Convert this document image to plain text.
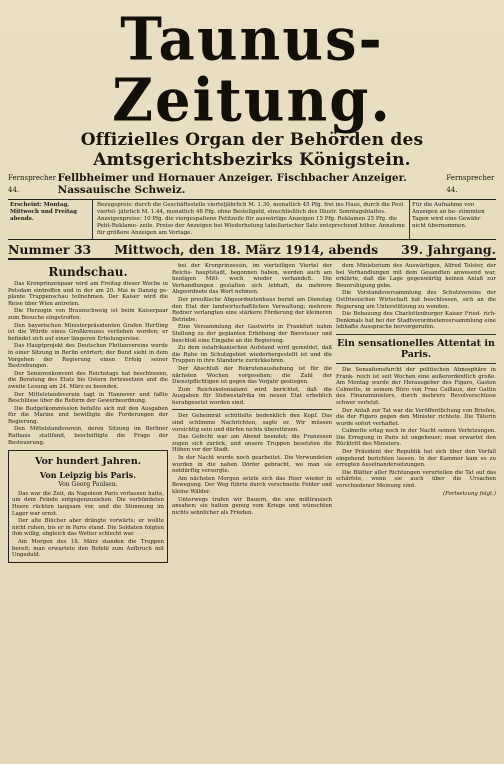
Taunus-Zeitung.
Offizielles Organ der Behörden des Amtsgerichtsbezirks Königstein.
Fernsprecher 44.
Fellbheimer und Hornauer Anzeiger. Fischbacher Anzeiger. Nassauische Schweiz.
Fernsprecher 44.
Erscheint: Montag, Mittwoch und Freitag abends.
Bezugspreis: durch die Geschäftsstelle vierteljährlich M. 1.30, monatlich 45 Pfg. frei ins Haus, durch die Post viertel- jährlich M. 1.44, monatlich 48 Pfg. ohne Bestellgeld, einschließlich des Illustr. Sonntagsblattes. Anzeigenpreise: 10 Pfg. die viergespaltene Petitzeile für auswärtige Anzeigen 15 Pfg. Reklamen 25 Pfg. die Petit-Reklame- zeile. Preise der Anzeigen bei Wiederholung tabellarischer Satz entsprechend höher. Annahme für größere Anzeigen am Vortage.
Für die Aufnahme von Anzeigen an be- stimmten Tagen wird eine Gewähr nicht übernommen.
Nummer 33 Mittwoch, den 18. März 1914, abends 39. Jahrgang.
Rundschau.

Das Kronprinzenpaar wird am Freitag dieser Woche in Potsdam eintreffen und in der am 20. Mai in Danzig ge- plante Truppenschau teilnehmen. Der Kaiser wird die Reise über Wien antreten.

Die Herzogin von Braunschweig ist beim Kaiserpaar zum Besuche eingetroffen.

Den bayerischen Ministerpräsidenten Grafen Hertling ist die Würde eines Großkreuzes verliehen worden; er befindet sich auf einer längeren Erholungsreise.

Das Hauptprojekt des Deutschen Flottenvereins wurde in einer Sitzung in Berlin erörtert; der Bund sieht in dem Vorgehen der Regierung einen Erfolg seiner Bestrebungen.

Der Seniorenkonvent des Reichstags hat beschlossen, die Beratung des Etats bis Ostern fortzusetzen und die zweite Lesung am 24. März zu beenden.

Der Mittelstandsverein tagt in Hannover und faßte Beschlüsse über die Reform der Gewerbeordnung.

Die Budgetkommission befaßte sich mit den Ausgaben für die Marine und bewilligte die Forderungen der Regierung.

Den Mittelstandsverein, deren Sitzung im Berliner Rathaus stattfand, beschäftigte die Frage der Besteuerung.

Vor hundert Jahren.
Von Leipzig bis Paris.
Von Georg Paulsen.

Das war die Zeit, da Napoleon Paris verlassen hatte, um dem Feinde entgegenzuziehen. Die verbündeten Heere rückten langsam vor, und die Stimmung im Lager war ernst.

Der alte Blücher aber drängte vorwärts; er wollte nicht ruhen, bis er in Paris stand. Die Soldaten folgten ihm willig, obgleich das Wetter schlecht war.

Am Morgen des 18. März standen die Truppen bereit; man erwartete den Befehl zum Aufbruch mit Ungeduld.

bei der Kronprinzessin, im vierteiligen Viertel der Reichs- hauptstadt, begonnen haben, werden auch am heutigen Mitt- woch wieder verhandelt. Die Verhandlungen gestalten sich lebhaft, da mehrere Abgeordnete das Wort nehmen.

Der preußische Abgeordnetenhaus beriet am Dienstag den Etat der landwirtschaftlichen Verwaltung; mehrere Redner verlangten eine stärkere Förderung der kleineren Betriebe.

Eine Versammlung der Gastwirte in Frankfurt nahm Stellung zu der geplanten Erhöhung der Biersteuer und beschloß eine Eingabe an die Regierung.

Zu dem ostafrikanischen Aufstand wird gemeldet, daß die Ruhe im Schutzgebiet wiederhergestellt ist und die Truppen in ihre Standorte zurückkehren.

Der Abschluß der Rekrutenaushebung ist für die nächsten Wochen vorgesehen; die Zahl der Dienstpflichtigen ist gegen das Vorjahr gestiegen.

Zum Reichskolonialamt wird berichtet, daß die Ausgaben für Südwestafrika im neuen Etat erheblich herabgesetzt worden sind.

Der Geheimrat schüttelte bedenklich den Kopf. Das sind schlimme Nachrichten, sagte er. Wir müssen vorsichtig sein und dürfen nichts überstürzen.

Das Gefecht war am Abend beendet; die Franzosen zogen sich zurück, und unsere Truppen besetzten die Höhen vor der Stadt.

In der Nacht wurde noch gearbeitet. Die Verwundeten wurden in die nahen Dörfer gebracht, wo man sie notdürftig versorgte.

Am nächsten Morgen setzte sich das Heer wieder in Bewegung. Der Weg führte durch verschneite Felder und kleine Wälder.

Unterwegs trafen wir Bauern, die uns mißtrauisch ansahen; sie hatten genug vom Kriege und wünschten nichts sehnlicher als Frieden.

dem Ministerium des Auswärtigen, Alfred Tolster, der bei Verhandlungen mit dem Gesandten anwesend war, erklärte, daß die Lage gegenwärtig keinen Anlaß zur Beunruhigung gebe.

Die Vorstandsversammlung des Schutzvereins der Ostfriesischen Wirtschaft hat beschlossen, sich an die Regierung um Unterstützung zu wenden.

Die Bebauung des Charlottenburger Kaiser Fried- rich-Denkmals hat bei der Stadtverordnetenversammlung eine lebhafte Aussprache hervorgerufen.

Ein sensationelles Attentat in Paris.

Die Sensationsfurcht der politischen Atmosphäre in Frank- reich ist seit Wochen eine außerordentlich große. Am Montag wurde der Herausgeber des Figaro, Gaston Calmette, in seinem Büro von Frau Caillaux, der Gattin des Finanzministers, durch mehrere Revolverschüsse schwer verletzt.

Der Anlaß zur Tat war die Veröffentlichung von Briefen, die der Figaro gegen den Minister richtete. Die Täterin wurde sofort verhaftet.

Calmette erlag noch in der Nacht seinen Verletzungen. Die Erregung in Paris ist ungeheuer; man erwartet den Rücktritt des Ministers.

Der Präsident der Republik hat sich über den Vorfall eingehend berichten lassen. In der Kammer kam es zu erregten Auseinandersetzungen.

Die Blätter aller Richtungen verurteilen die Tat auf das schärfste, wenn sie auch über die Ursachen verschiedener Meinung sind.

(Fortsetzung folgt.)
